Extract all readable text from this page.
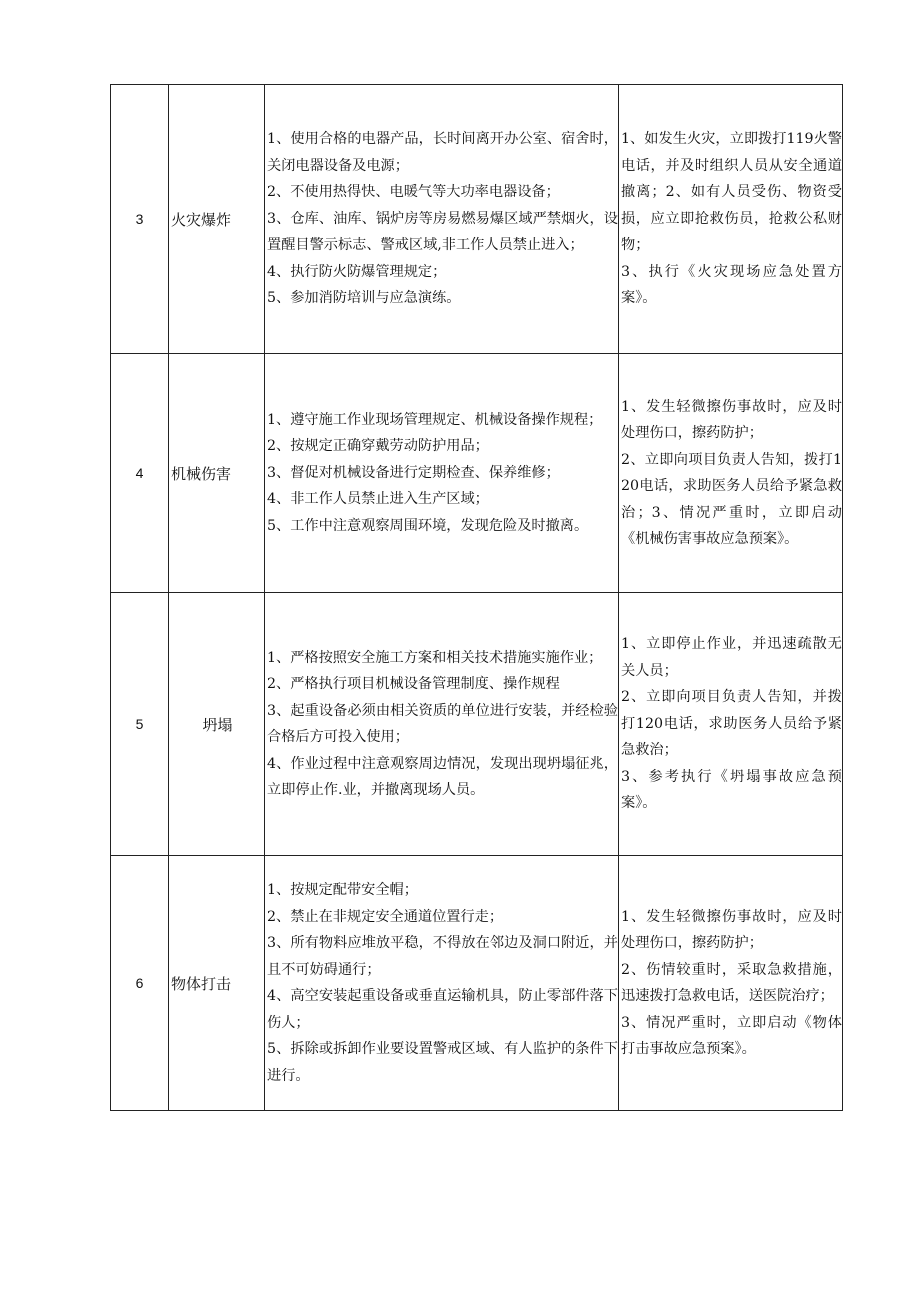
3	火灾爆炸	1、使用合格的电器产品，长时间离开办公室、宿舍时，关闭电器设备及电源；
2、不使用热得快、电暖气等大功率电器设备；
3、仓库、油库、锅炉房等房易燃易爆区域严禁烟火，设置醒目警示标志、警戒区域,非工作人员禁止进入；
4、执行防火防爆管理规定；
5、参加消防培训与应急演练。	1、如发生火灾，立即拨打119火警电话，并及时组织人员从安全通道撤离；2、如有人员受伤、物资受损，应立即抢救伤员，抢救公私财物；
3、执行《火灾现场应急处置方案》。

4	机械伤害	1、遵守施工作业现场管理规定、机械设备操作规程；
2、按规定正确穿戴劳动防护用品；
3、督促对机械设备进行定期检查、保养维修；
4、非工作人员禁止进入生产区域；
5、工作中注意观察周围环境，发现危险及时撤离。	1、发生轻微擦伤事故时，应及时处理伤口，擦药防护；
2、立即向项目负责人告知，拨打120电话，求助医务人员给予紧急救治；3、情况严重时，立即启动《机械伤害事故应急预案》。

5	坍塌	1、严格按照安全施工方案和相关技术措施实施作业；
2、严格执行项目机械设备管理制度、操作规程
3、起重设备必须由相关资质的单位进行安装，并经检验合格后方可投入使用；
4、作业过程中注意观察周边情况，发现出现坍塌征兆，立即停止作.业，并撤离现场人员。	1、立即停止作业，并迅速疏散无关人员；
2、立即向项目负责人告知，并拨打120电话，求助医务人员给予紧急救治；
3、参考执行《坍塌事故应急预案》。

6	物体打击	1、按规定配带安全帽；
2、禁止在非规定安全通道位置行走；
3、所有物料应堆放平稳，不得放在邻边及洞口附近，并且不可妨碍通行；
4、高空安装起重设备或垂直运输机具，防止零部件落下伤人；
5、拆除或拆卸作业要设置警戒区域、有人监护的条件下进行。	1、发生轻微擦伤事故时，应及时处理伤口，擦药防护；
2、伤情较重时，采取急救措施，迅速拨打急救电话，送医院治疗；
3、情况严重时，立即启动《物体打击事故应急预案》。
